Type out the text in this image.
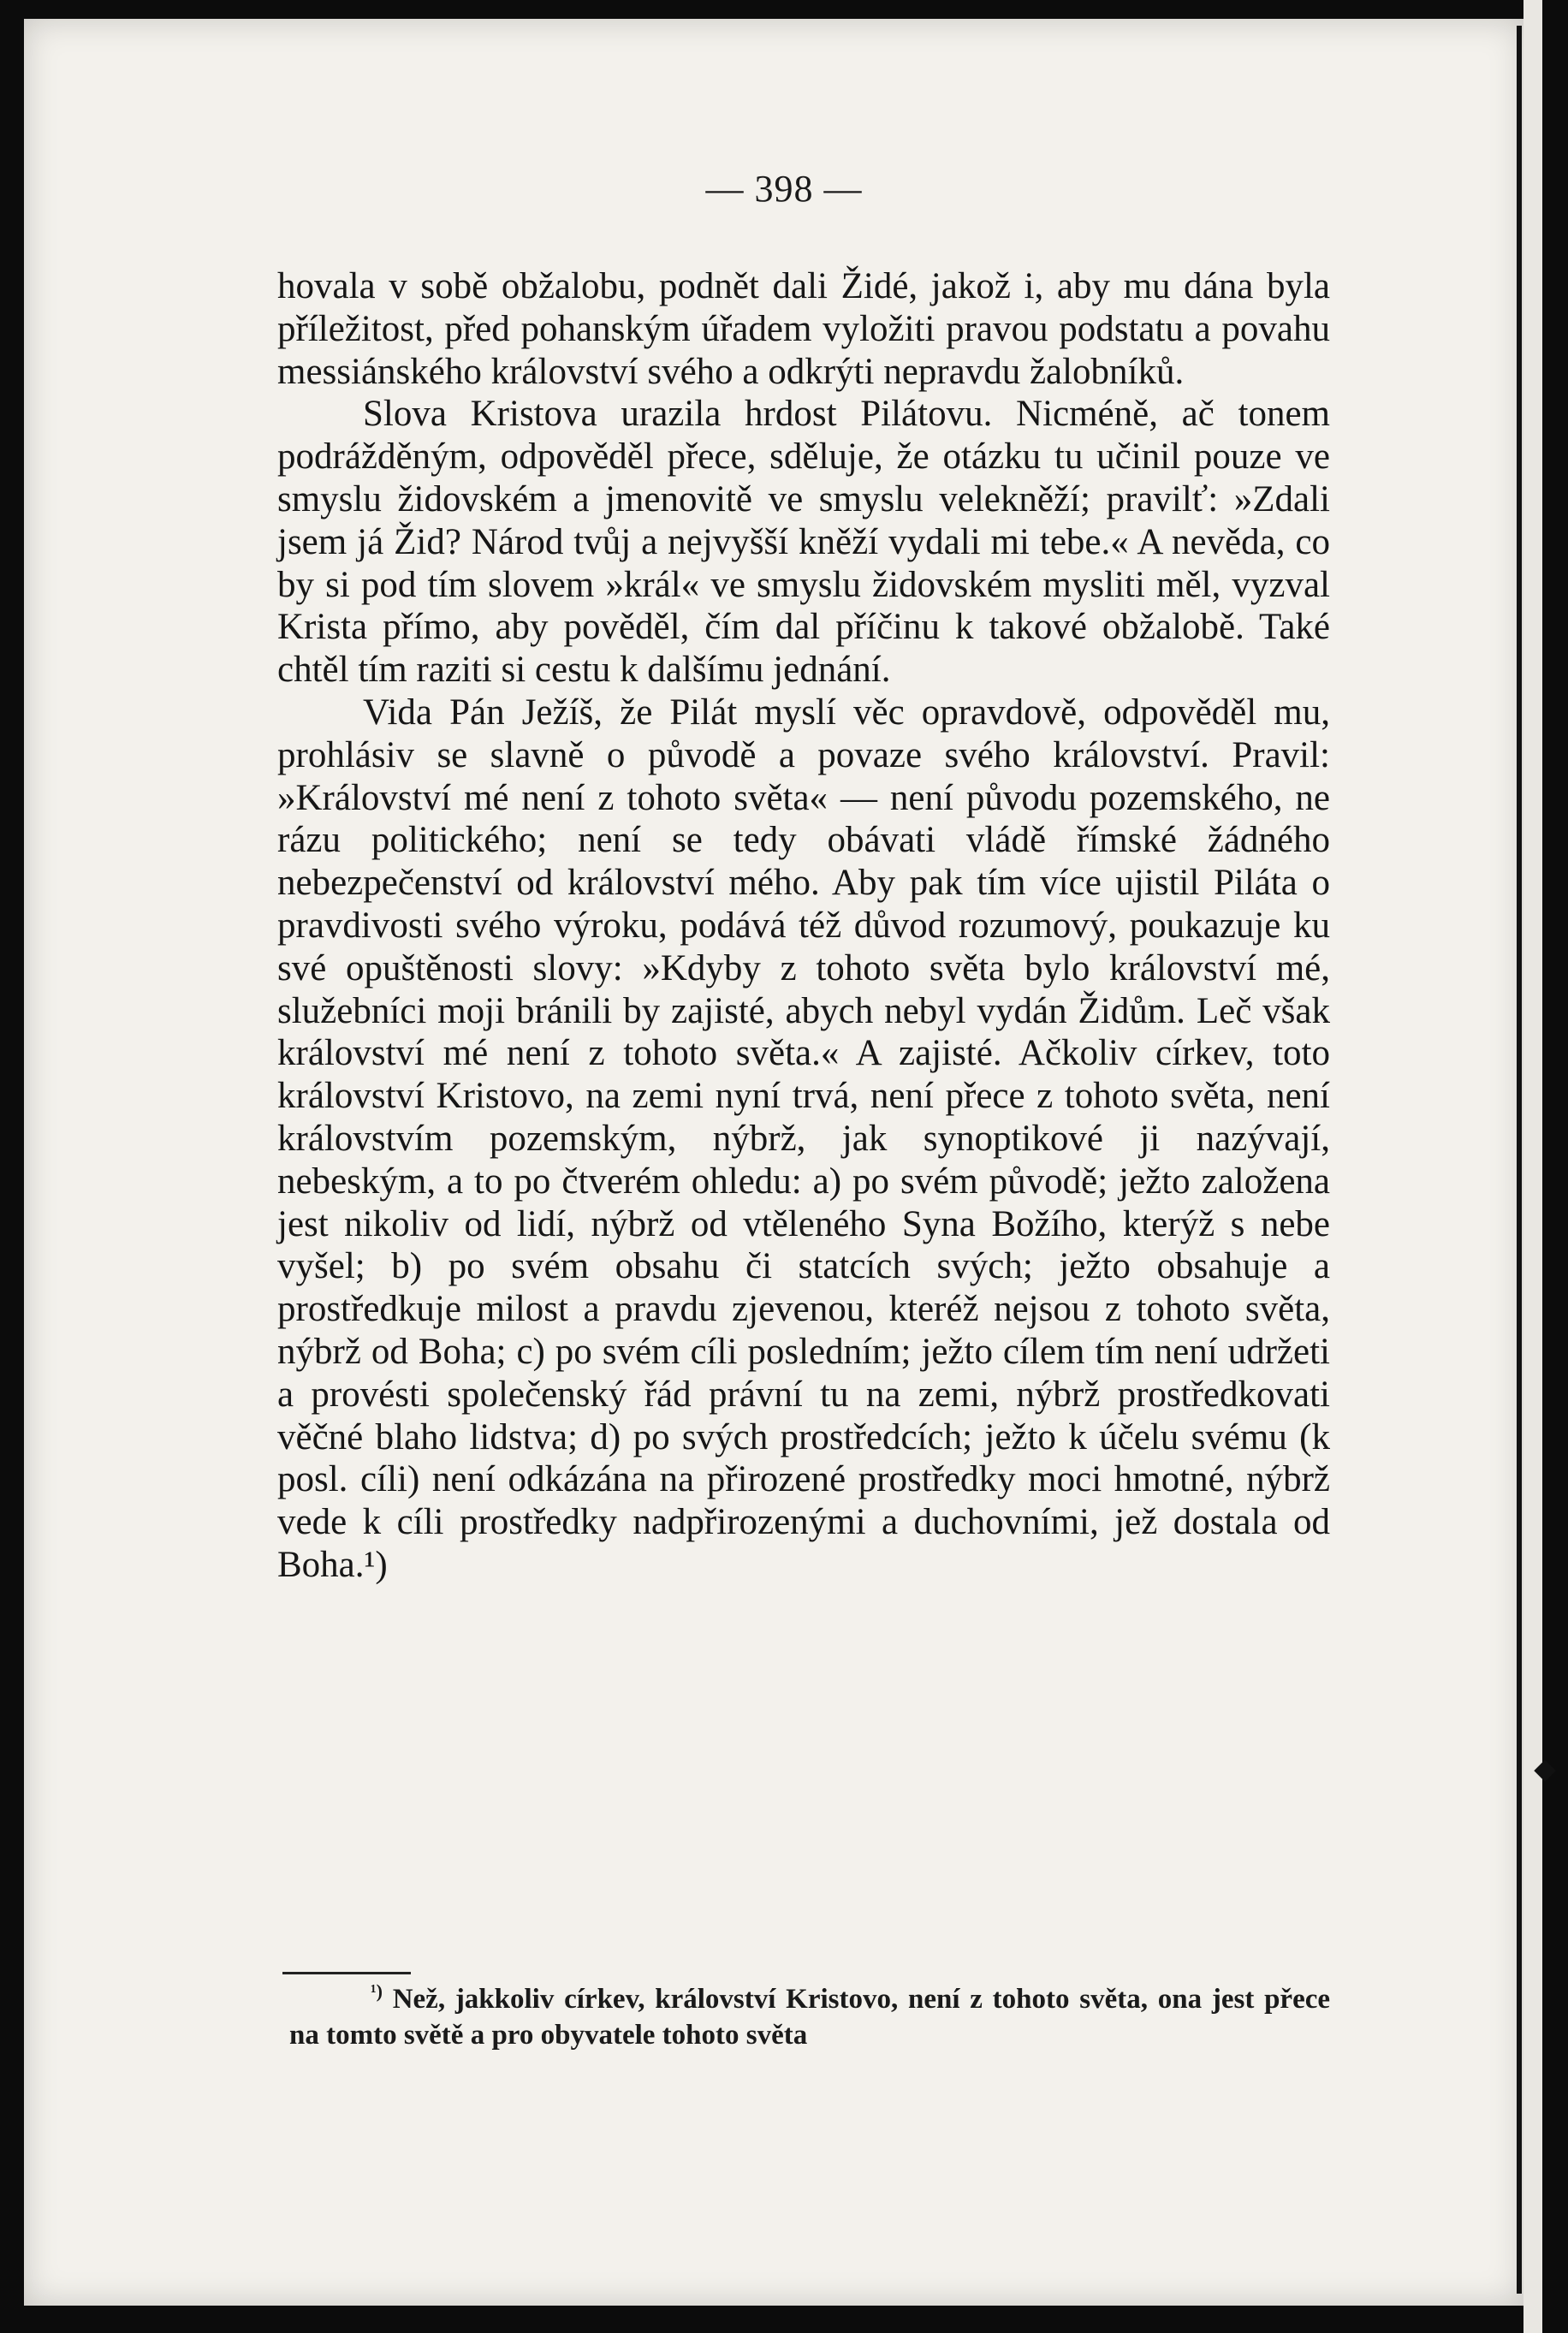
— 398 —

hovala v sobě obžalobu, podnět dali Židé, jakož i, aby mu dána byla příležitost, před pohanským úřadem vyložiti pravou podstatu a povahu messiánského království svého a odkrýti nepravdu žalobníků.

Slova Kristova urazila hrdost Pilátovu. Nicméně, ač tonem podrážděným, odpověděl přece, sděluje, že otázku tu učinil pouze ve smyslu židovském a jmenovitě ve smyslu velekněží; pravilť: »Zdali jsem já Žid? Národ tvůj a nejvyšší kněží vydali mi tebe.« A nevěda, co by si pod tím slovem »král« ve smyslu židovském mysliti měl, vyzval Krista přímo, aby pověděl, čím dal příčinu k takové obžalobě. Také chtěl tím raziti si cestu k dalšímu jednání.

Vida Pán Ježíš, že Pilát myslí věc opravdově, odpověděl mu, prohlásiv se slavně o původě a povaze svého království. Pravil: »Království mé není z tohoto světa« — není původu pozemského, ne rázu politického; není se tedy obávati vládě římské žádného nebezpečenství od království mého. Aby pak tím více ujistil Piláta o pravdivosti svého výroku, podává též důvod rozumový, poukazuje ku své opuštěnosti slovy: »Kdyby z tohoto světa bylo království mé, služebníci moji bránili by zajisté, abych nebyl vydán Židům. Leč však království mé není z tohoto světa.« A zajisté. Ačkoliv církev, toto království Kristovo, na zemi nyní trvá, není přece z tohoto světa, není královstvím pozemským, nýbrž, jak synoptikové ji nazývají, nebeským, a to po čtverém ohledu: a) po svém původě; ježto založena jest nikoliv od lidí, nýbrž od vtěleného Syna Božího, kterýž s nebe vyšel; b) po svém obsahu či statcích svých; ježto obsahuje a prostředkuje milost a pravdu zjevenou, kteréž nejsou z tohoto světa, nýbrž od Boha; c) po svém cíli posledním; ježto cílem tím není udržeti a provésti společenský řád právní tu na zemi, nýbrž prostředkovati věčné blaho lidstva; d) po svých prostředcích; ježto k účelu svému (k posl. cíli) není odkázána na přirozené prostředky moci hmotné, nýbrž vede k cíli prostředky nadpřirozenými a duchovními, jež dostala od Boha.¹)

$^{^1)}$ Než, jakkoliv církev, království Kristovo, není z tohoto světa, ona jest přece na tomto světě a pro obyvatele tohoto světa
